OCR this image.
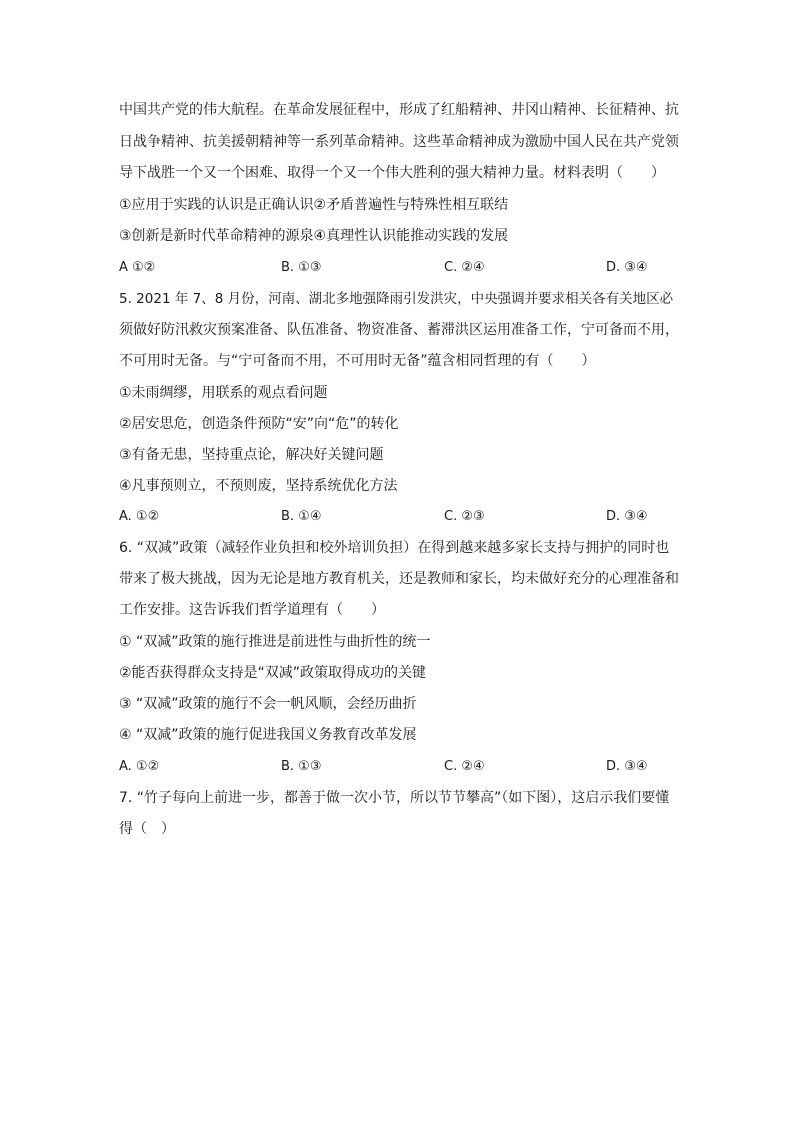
中国共产党的伟大航程。在革命发展征程中，形成了红船精神、井冈山精神、长征精神、抗
日战争精神、抗美援朝精神等一系列革命精神。这些革命精神成为激励中国人民在共产党领
导下战胜一个又一个困难、取得一个又一个伟大胜利的强大精神力量。材料表明（　　）
①应用于实践的认识是正确认识②矛盾普遍性与特殊性相互联结
③创新是新时代革命精神的源泉④真理性认识能推动实践的发展
A ①②	B. ①③	C. ②④	D. ③④
5. 2021 年 7、8 月份，河南、湖北多地强降雨引发洪灾，中央强调并要求相关各有关地区必
须做好防汛救灾预案准备、队伍准备、物资准备、蓄滞洪区运用准备工作，宁可备而不用，
不可用时无备。与“宁可备而不用，不可用时无备”蕴含相同哲理的有（　　）
①未雨绸缪，用联系的观点看问题
②居安思危，创造条件预防“安”向“危”的转化
③有备无患，坚持重点论，解决好关键问题
④凡事预则立，不预则废，坚持系统优化方法
A. ①②	B. ①④	C. ②③	D. ③④
6. “双减”政策（减轻作业负担和校外培训负担）在得到越来越多家长支持与拥护的同时也
带来了极大挑战，因为无论是地方教育机关，还是教师和家长，均未做好充分的心理准备和
工作安排。这告诉我们哲学道理有（　　）
① “双减”政策的施行推进是前进性与曲折性的统一
②能否获得群众支持是“双减”政策取得成功的关键
③ “双减”政策的施行不会一帆风顺，会经历曲折
④ “双减”政策的施行促进我国义务教育改革发展
A. ①②	B. ①③	C. ②④	D. ③④
7. “竹子每向上前进一步，都善于做一次小节，所以节节攀高”（如下图），这启示我们要懂
得（　）
